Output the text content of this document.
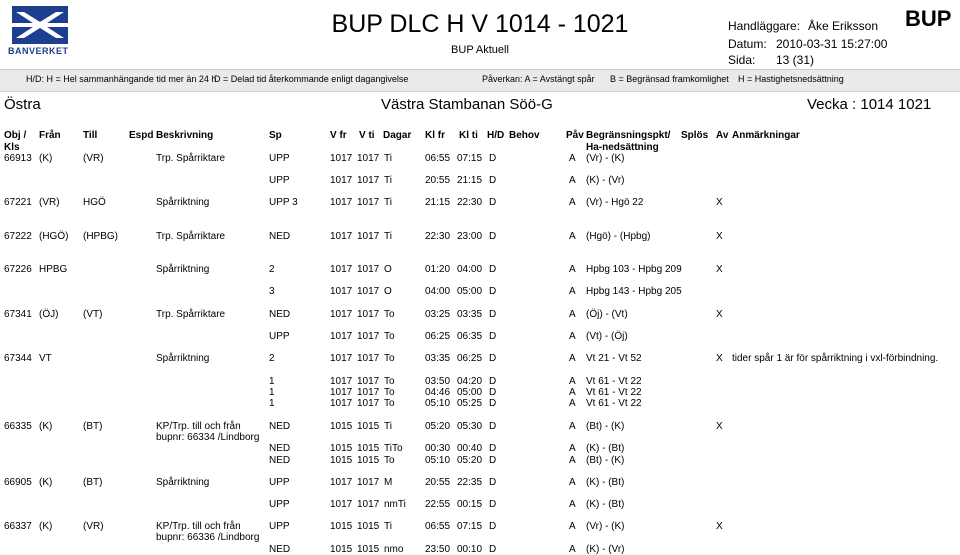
BANVERKET
BUP DLC H V 1014 - 1021
BUP Aktuell
Handläggare: Åke Eriksson
Datum: 2010-03-31 15:27:00
Sida: 13 (31)
BUP
H/D: H = Hel sammanhängande tid mer än 24 h
D = Delad tid återkommande enligt dagangivelse	Påverkan: A = Avstängt spår B = Begränsad framkomlighet H = Hastighetsnedsättning
Östra	Västra Stambanan Söö-G	Vecka : 1014 1021
Obj /
Kls
Från Till	Espd Beskrivning	Sp	V fr V ti Dagar Kl fr Kl ti H/D Behov	Påv Begränsningspkt/
Ha-nedsättning
Splös Av Anmärkningar
66913 (K)	(VR)	Trp. Spårriktare	UPP	1017 1017 Ti	06:55 07:15 D	A (Vr) - (K)
UPP	1017 1017 Ti	20:55 21:15 D	A (K) - (Vr)
67221 (VR) HGÖ	Spårriktning	UPP 3	1017 1017 Ti	21:15 22:30 D	A (Vr) - Hgö 22	X
67222 (HGÖ) (HPBG)	Trp. Spårriktare	NED	1017 1017 Ti	22:30 23:00 D	A (Hgö) - (Hpbg)	X
67226 HPBG	Spårriktning	2	1017 1017 O	01:20 04:00 D	A Hpbg 103 - Hpbg 209	X
3	1017 1017 O	04:00 05:00 D	A Hpbg 143 - Hpbg 205
67341 (ÖJ) (VT)	Trp. Spårriktare	NED	1017 1017 To	03:25 03:35 D	A (Öj) - (Vt)	X
UPP	1017 1017 To	06:25 06:35 D	A (Vt) - (Öj)
67344 VT	Spårriktning	2	1017 1017 To	03:35 06:25 D	A Vt 21 - Vt 52	X tider spår 1 är för spårriktning i vxl-förbindning.
1	1017 1017 To	03:50 04:20 D	A Vt 61 - Vt 22
1	1017 1017 To	04:46 05:00 D	A Vt 61 - Vt 22
1	1017 1017 To	05:10 05:25 D	A Vt 61 - Vt 22
66335 (K)	(BT)	KP/Trp. till och från	NED	1015 1015 Ti	05:20 05:30 D	A (Bt) - (K)	X
bupnr: 66334 /Lindborg
NED	1015 1015 TiTo 00:30 00:40 D	A (K) - (Bt)
NED	1015 1015 To	05:10 05:20 D	A (Bt) - (K)
66905 (K)	(BT)	Spårriktning	UPP	1017 1017 M	20:55 22:35 D	A (K) - (Bt)
UPP	1017 1017 nmTi 22:55 00:15 D	A (K) - (Bt)
66337 (K)	(VR)	KP/Trp. till och från	UPP	1015 1015 Ti	06:55 07:15 D	A (Vr) - (K)	X
bupnr: 66336 /Lindborg
NED	1015 1015 nmo 23:50 00:10 D	A (K) - (Vr)
